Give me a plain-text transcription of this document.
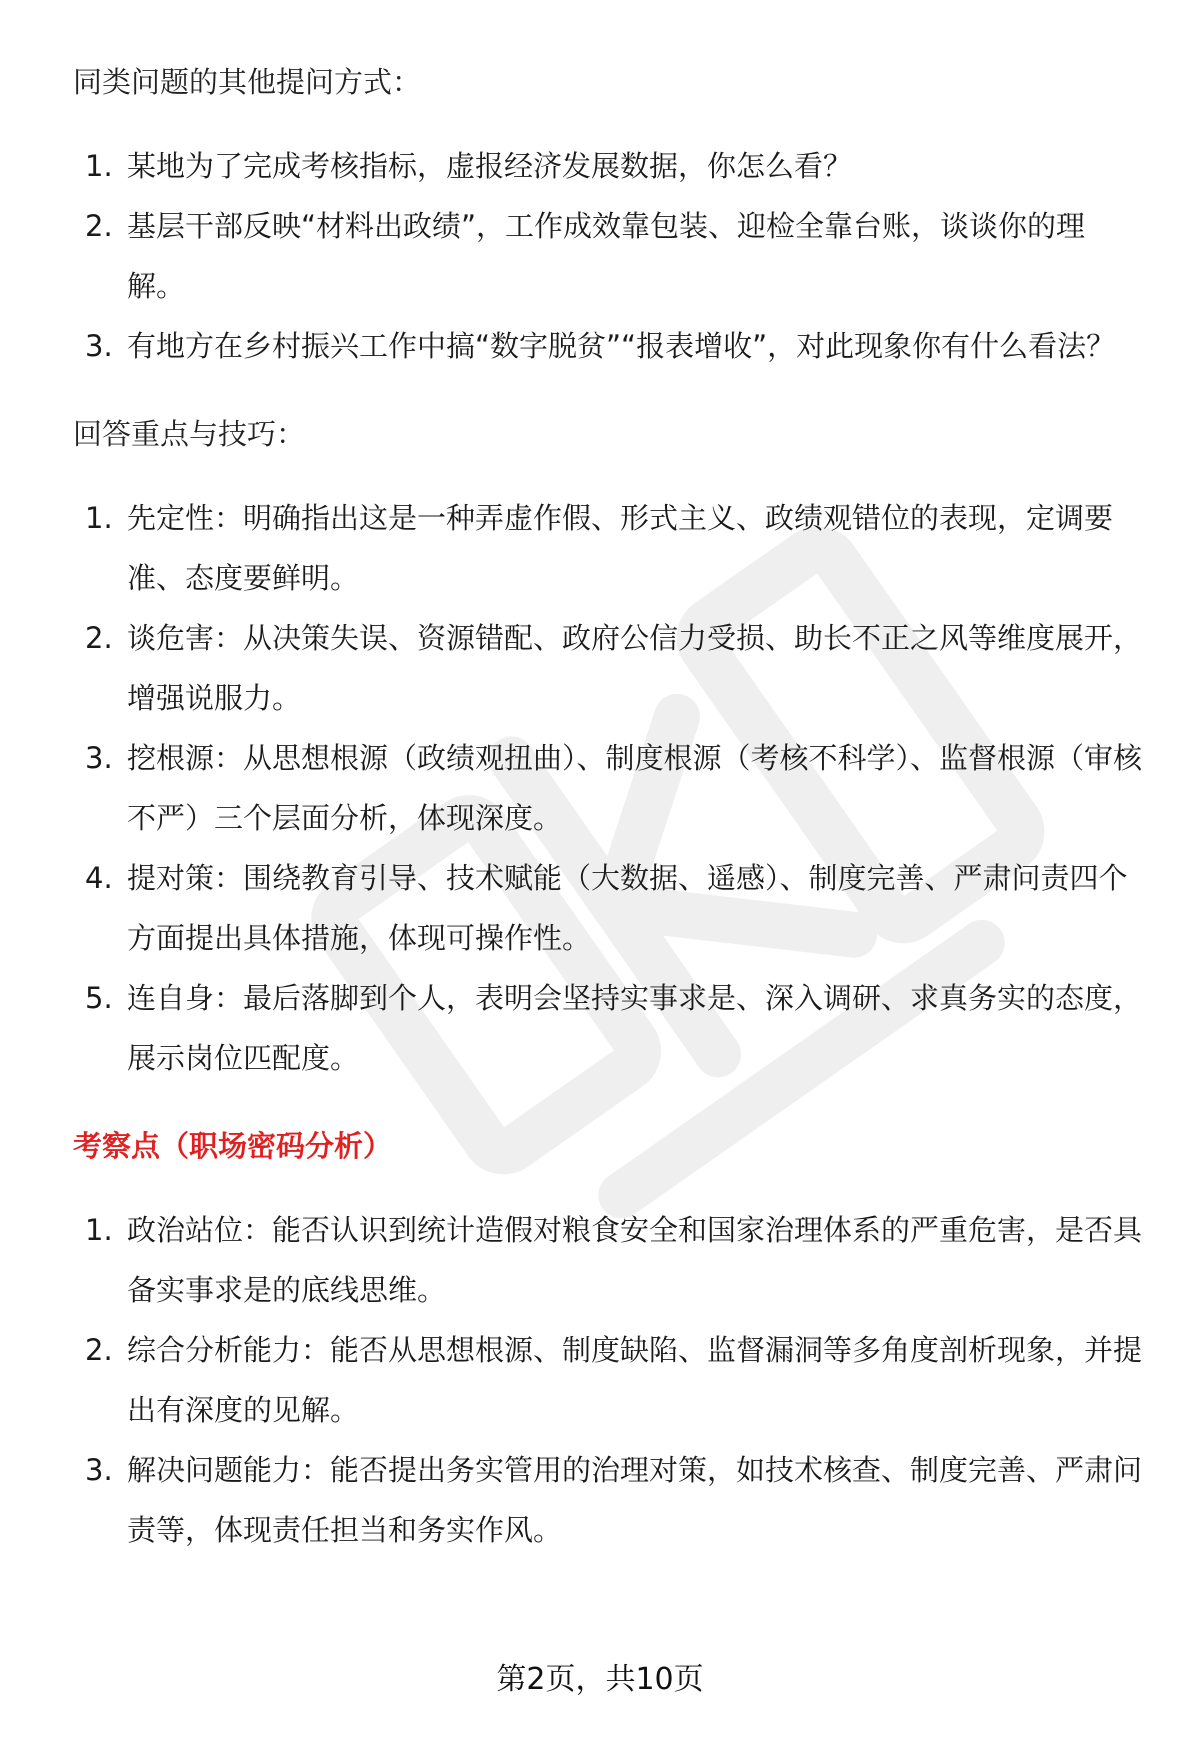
同类问题的其他提问方式：
1. 某地为了完成考核指标，虚报经济发展数据，你怎么看？
2. 基层干部反映“材料出政绩”，工作成效靠包装、迎检全靠台账，谈谈你的理解。
3. 有地方在乡村振兴工作中搞“数字脱贫”“报表增收”，对此现象你有什么看法？
回答重点与技巧：
1. 先定性：明确指出这是一种弄虚作假、形式主义、政绩观错位的表现，定调要准、态度要鲜明。
2. 谈危害：从决策失误、资源错配、政府公信力受损、助长不正之风等维度展开，增强说服力。
3. 挖根源：从思想根源（政绩观扭曲）、制度根源（考核不科学）、监督根源（审核不严）三个层面分析，体现深度。
4. 提对策：围绕教育引导、技术赋能（大数据、遥感）、制度完善、严肃问责四个方面提出具体措施，体现可操作性。
5. 连自身：最后落脚到个人，表明会坚持实事求是、深入调研、求真务实的态度，展示岗位匹配度。
考察点（职场密码分析）
1. 政治站位：能否认识到统计造假对粮食安全和国家治理体系的严重危害，是否具备实事求是的底线思维。
2. 综合分析能力：能否从思想根源、制度缺陷、监督漏洞等多角度剖析现象，并提出有深度的见解。
3. 解决问题能力：能否提出务实管用的治理对策，如技术核查、制度完善、严肃问责等，体现责任担当和务实作风。
第2页，共10页
